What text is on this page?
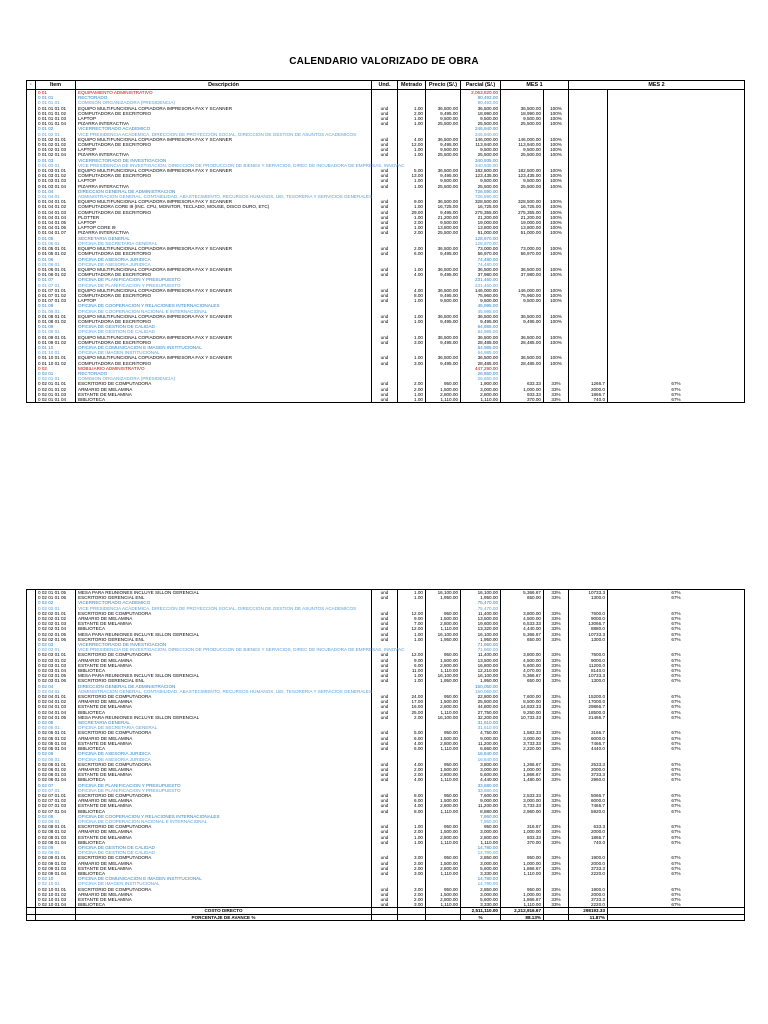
CALENDARIO VALORIZADO DE OBRA
·	Item	Descripción	Und.	Metrado	Precio (S/.)	Parcial (S/.)	MES 1		MES 2	
	0 01	EQUIPAMIENTO ADMINISTRATIVO				2,063,820.00				
	0 01 01	RECTORADO				90,493.00				
	0 01 01 01	COMISIÓN ORGANIZADORA (PRESIDENCIA)				90,493.00				
	0 01 01 01 01	EQUIPO MULTIFUNCIONAL COPIADORA IMPRESORA FAX Y SCANNER	und	1.00	36,500.00	36,500.00	36,500.00	100%		
	0 01 01 01 02	COMPUTADORA DE ESCRITORIO	und	2.00	9,495.00	18,990.00	18,990.00	100%		
	0 01 01 01 03	LAPTOP	und	1.00	9,500.00	9,500.00	9,500.00	100%		
	0 01 01 01 04	PIZARRA INTERACTIVA	und	1.00	25,500.00	25,500.00	25,500.00	100%		
	0 01 02	VICERRECTORADO ACADEMICO				246,940.00				
	0 01 02 01	VICE PRESIDENCIA ACADEMICA, DIRECCION DE PROYECCION SOCIAL, DIRECCION DE GESTION DE ASUNTOS ACADEMICOS				246,940.00				
	0 01 02 01 01	EQUIPO MULTIFUNCIONAL COPIADORA IMPRESORA FAX Y SCANNER	und	4.00	36,500.00	146,000.00	146,000.00	100%		
	0 01 02 01 02	COMPUTADORA DE ESCRITORIO	und	12.00	9,495.00	113,940.00	113,940.00	100%		
	0 01 02 01 03	LAPTOP	und	1.00	9,500.00	9,500.00	9,500.00	100%		
	0 01 02 01 04	PIZARRA INTERACTIVA	und	1.00	25,500.00	25,500.00	25,500.00	100%		
	0 01 03	VICERRECTORADO DE INVESTIGACION				340,935.00				
	0 01 03 01	VICE PRESIDENCIA DE INVESTIGACION, DIRECCION DE PRODUCCION DE BIENES Y SERVICIOS, DIREC DE INCUBADORA DE EMPRESAS, INNOVAC				340,935.00				
	0 01 03 01 01	EQUIPO MULTIFUNCIONAL COPIADORA IMPRESORA FAX Y SCANNER	und	5.00	36,500.00	182,500.00	182,500.00	100%		
	0 01 03 01 02	COMPUTADORA DE ESCRITORIO	und	13.00	9,495.00	123,435.00	123,435.00	100%		
	0 01 03 01 03	LAPTOP	und	1.00	9,500.00	9,500.00	9,500.00	100%		
	0 01 03 01 04	PIZARRA INTERACTIVA	und	1.00	25,500.00	25,500.00	25,500.00	100%		
	0 01 04	DIRECCION GENERAL DE ADMINISTRACION				726,590.00				
	0 01 04 01	ADMINISTRACION GENERAL, CONTABILIDAD, ABASTECIMIENTO, RECURSOS HUMANOS, UEI, TESORERIA Y SERVICIOS GENERALES				726,590.00				
	0 01 04 01 01	EQUIPO MULTIFUNCIONAL COPIADORA IMPRESORA FAX Y SCANNER	und	9.00	36,500.00	328,500.00	328,500.00	100%		
	0 01 04 01 02	COMPUTADORA CORE I9 (INC. CPU, MONITOR, TECLADO, MOUSE, DISCO DURO, ETC)	und	1.00	16,725.00	16,725.00	16,725.00	100%		
	0 01 04 01 03	COMPUTADORA DE ESCRITORIO	und	29.00	9,495.00	275,355.00	275,355.00	100%		
	0 01 04 01 04	PLOTTER	und	1.00	21,200.00	21,200.00	21,200.00	100%		
	0 01 04 01 05	LAPTOP	und	2.00	9,500.00	19,000.00	19,000.00	100%		
	0 01 04 01 06	LAPTOP CORE I9	und	1.00	13,800.00	13,800.00	13,800.00	100%		
	0 01 04 01 07	PIZARRA INTERACTIVA	und	2.00	25,500.00	51,000.00	51,000.00	100%		
	0 01 05	SECRETARIA GENERAL				128,970.00				
	0 01 05 01	OFICINA DE SECRETARIA GENERAL				128,970.00				
	0 01 05 01 01	EQUIPO MULTIFUNCIONAL COPIADORA IMPRESORA FAX Y SCANNER	und	2.00	36,500.00	73,000.00	73,000.00	100%		
	0 01 05 01 02	COMPUTADORA DE ESCRITORIO	und	6.00	9,495.00	56,970.00	56,970.00	100%		
	0 01 06	OFICINA DE ASESORIA JURIDICA				74,480.00				
	0 01 06 01	OFICINA DE ASESORIA JURIDICA				74,480.00				
	0 01 06 01 01	EQUIPO MULTIFUNCIONAL COPIADORA IMPRESORA FAX Y SCANNER	und	1.00	36,500.00	36,500.00	36,500.00	100%		
	0 01 06 01 02	COMPUTADORA DE ESCRITORIO	und	4.00	9,495.00	37,980.00	37,980.00	100%		
	0 01 07	OFICINA DE PLANIFICACION Y PRESUPUESTO				231,460.00				
	0 01 07 01	OFICINA DE PLANIFICACION Y PRESUPUESTO				231,460.00				
	0 01 07 01 01	EQUIPO MULTIFUNCIONAL COPIADORA IMPRESORA FAX Y SCANNER	und	4.00	36,500.00	146,000.00	146,000.00	100%		
	0 01 07 01 02	COMPUTADORA DE ESCRITORIO	und	8.00	9,495.00	75,960.00	75,960.00	100%		
	0 01 07 01 03	LAPTOP	und	1.00	9,500.00	9,500.00	9,500.00	100%		
	0 01 08	OFICINA DE COOPERACION Y RELACIONES INTERNACIONALES				45,995.00				
	0 01 08 01	OFICINA DE COOPERACION NACIONAL E INTERNACIONAL				45,995.00				
	0 01 08 01 01	EQUIPO MULTIFUNCIONAL COPIADORA IMPRESORA FAX Y SCANNER	und	1.00	36,500.00	36,500.00	36,500.00	100%		
	0 01 08 01 02	COMPUTADORA DE ESCRITORIO	und	1.00	9,495.00	9,495.00	9,495.00	100%		
	0 01 09	OFICINA DE GESTION DE CALIDAD				64,985.00				
	0 01 09 01	OFICINA DE GESTION DE CALIDAD				64,985.00				
	0 01 09 01 01	EQUIPO MULTIFUNCIONAL COPIADORA IMPRESORA FAX Y SCANNER	und	1.00	36,500.00	36,500.00	36,500.00	100%		
	0 01 09 01 02	COMPUTADORA DE ESCRITORIO	und	3.00	9,495.00	28,485.00	28,485.00	100%		
	0 01 10	OFICINA DE COMUNICACION E IMAGEN INSTITUCIONAL				64,985.00				
	0 01 10 01	OFICINA DE IMAGEN INSTITUCIONAL				64,985.00				
	0 01 10 01 01	EQUIPO MULTIFUNCIONAL COPIADORA IMPRESORA FAX Y SCANNER	und	1.00	36,500.00	36,500.00	36,500.00	100%		
	0 01 10 01 02	COMPUTADORA DE ESCRITORIO	und	3.00	9,495.00	28,485.00	28,485.00	100%		
	0 02	MOBILIARIO ADMINISTRATIVO				447,290.00				
	0 02 01	RECTORADO				26,860.00				
	0 02 01 01	COMISION ORGANIZADORA (PRESIDENCIA)				26,860.00				
	0 02 01 01 01	ESCRITORIO DE COMPUTADORA	und	2.00	950.00	1,900.00	633.33	33%	1266.7	67%
	0 02 01 01 02	ARMARIO DE MELAMINA	und	2.00	1,500.00	3,000.00	1,000.00	33%	2000.0	67%
	0 02 01 01 03	ESTANTE DE MELAMINA	und	1.00	2,800.00	2,800.00	933.33	33%	1866.7	67%
	0 02 01 01 04	BIBLIOTECA	und	1.00	1,110.00	1,110.00	370.00	33%	740.0	67%
	0 02 01 01 05	MESA PARA REUNIONES INCLUYE SILLON GERENCIAL	und	1.00	16,100.00	16,100.00	5,366.67	33%	10733.3	67%
	0 02 01 01 06	ESCRITORIO GERENCIAL ENL	und	1.00	1,950.00	1,950.00	650.00	33%	1300.0	67%
	0 02 02	VICERRECTORADO ACADEMICO				75,470.00				
	0 02 02 01	VICE PRESIDENCIA ACADEMICA, DIRECCION DE PROYECCION SOCIAL, DIRECCION DE GESTION DE ASUNTOS ACADEMICOS				75,470.00				
	0 02 02 01 01	ESCRITORIO DE COMPUTADORA	und	12.00	950.00	11,400.00	3,800.00	33%	7600.0	67%
	0 02 02 01 02	ARMARIO DE MELAMINA	und	9.00	1,500.00	13,500.00	4,500.00	33%	9000.0	67%
	0 02 02 01 03	ESTANTE DE MELAMINA	und	7.00	2,800.00	19,600.00	6,533.33	33%	13066.7	67%
	0 02 02 01 04	BIBLIOTECA	und	12.00	1,110.00	13,320.00	4,440.00	33%	8880.0	67%
	0 02 02 01 05	MESA PARA REUNIONES INCLUYE SILLON GERENCIAL	und	1.00	16,100.00	16,100.00	5,366.67	33%	10733.3	67%
	0 02 02 01 06	ESCRITORIO GERENCIAL ENL	und	1.00	1,950.00	1,950.00	650.00	33%	1300.0	67%
	0 02 03	VICERRECTORADO DE INVESTIGACION				71,960.00				
	0 02 03 01	VICE PRESIDENCIA DE INVESTIGACION, DIRECCION DE PRODUCCION DE BIENES Y SERVICIOS, DIREC DE INCUBADORA DE EMPRESAS, INNOVAC				71,960.00				
	0 02 03 01 01	ESCRITORIO DE COMPUTADORA	und	12.00	950.00	11,400.00	3,800.00	33%	7600.0	67%
	0 02 03 01 02	ARMARIO DE MELAMINA	und	9.00	1,500.00	13,500.00	4,500.00	33%	9000.0	67%
	0 02 03 01 03	ESTANTE DE MELAMINA	und	6.00	2,800.00	16,800.00	5,600.00	33%	11200.0	67%
	0 02 03 01 04	BIBLIOTECA	und	11.00	1,110.00	12,210.00	4,070.00	33%	8140.0	67%
	0 02 03 01 05	MESA PARA REUNIONES INCLUYE SILLON GERENCIAL	und	1.00	16,100.00	16,100.00	5,366.67	33%	10733.3	67%
	0 02 03 01 06	ESCRITORIO GERENCIAL ENL	und	1.00	1,950.00	1,950.00	650.00	33%	1300.0	67%
	0 02 04	DIRECCION GENERAL DE ADMINISTRACION				150,050.00				
	0 02 04 01	ADMINISTRACION GENERAL, CONTABILIDAD, ABASTECIMIENTO, RECURSOS HUMANOS, UEI, TESORERIA Y SERVICIOS GENERALES				150,050.00				
	0 02 04 01 01	ESCRITORIO DE COMPUTADORA	und	24.00	950.00	22,800.00	7,600.00	33%	15200.0	67%
	0 02 04 01 02	ARMARIO DE MELAMINA	und	17.00	1,500.00	25,500.00	8,500.00	33%	17000.0	67%
	0 02 04 01 03	ESTANTE DE MELAMINA	und	16.00	2,800.00	44,800.00	14,933.33	33%	29866.7	67%
	0 02 04 01 04	BIBLIOTECA	und	25.00	1,110.00	27,750.00	9,250.00	33%	18500.0	67%
	0 02 04 01 05	MESA PARA REUNIONES INCLUYE SILLON GERENCIAL	und	2.00	16,100.00	32,200.00	10,733.33	33%	21466.7	67%
	0 02 05	SECRETARIA GENERAL				31,610.00				
	0 02 05 01	OFICINA DE SECRETARIA GENERAL				31,610.00				
	0 02 05 01 01	ESCRITORIO DE COMPUTADORA	und	5.00	950.00	4,750.00	1,583.33	33%	3166.7	67%
	0 02 05 01 02	ARMARIO DE MELAMINA	und	6.00	1,500.00	9,000.00	3,000.00	33%	6000.0	67%
	0 02 05 01 03	ESTANTE DE MELAMINA	und	4.00	2,800.00	11,200.00	3,733.33	33%	7466.7	67%
	0 02 05 01 04	BIBLIOTECA	und	6.00	1,110.00	6,660.00	2,220.00	33%	4440.0	67%
	0 02 06	OFICINA DE ASESORIA JURIDICA				16,840.00				
	0 02 06 01	OFICINA DE ASESORIA JURIDICA				16,840.00				
	0 02 06 01 01	ESCRITORIO DE COMPUTADORA	und	4.00	950.00	3,800.00	1,266.67	33%	2533.3	67%
	0 02 06 01 02	ARMARIO DE MELAMINA	und	2.00	1,500.00	3,000.00	1,000.00	33%	2000.0	67%
	0 02 06 01 03	ESTANTE DE MELAMINA	und	2.00	2,800.00	5,600.00	1,866.67	33%	3733.3	67%
	0 02 06 01 04	BIBLIOTECA	und	4.00	1,110.00	4,440.00	1,480.00	33%	2960.0	67%
	0 02 07	OFICINA DE PLANIFICACION Y PRESUPUESTO				33,680.00				
	0 02 07 01	OFICINA DE PLANIFICACION Y PRESUPUESTO				33,680.00				
	0 02 07 01 01	ESCRITORIO DE COMPUTADORA	und	8.00	950.00	7,600.00	2,533.33	33%	5066.7	67%
	0 02 07 01 02	ARMARIO DE MELAMINA	und	6.00	1,500.00	9,000.00	3,000.00	33%	6000.0	67%
	0 02 07 01 03	ESTANTE DE MELAMINA	und	4.00	2,800.00	11,200.00	3,733.33	33%	7466.7	67%
	0 02 07 01 04	BIBLIOTECA	und	8.00	1,110.00	8,880.00	2,960.00	33%	5920.0	67%
	0 02 08	OFICINA DE COOPERACION Y RELACIONES INTERNACIONALES				7,860.00				
	0 02 08 01	OFICINA DE COOPERACION NACIONAL E INTERNACIONAL				7,860.00				
	0 02 08 01 01	ESCRITORIO DE COMPUTADORA	und	1.00	950.00	950.00	316.67	33%	633.3	67%
	0 02 08 01 02	ARMARIO DE MELAMINA	und	2.00	1,500.00	3,000.00	1,000.00	33%	2000.0	67%
	0 02 08 01 03	ESTANTE DE MELAMINA	und	1.00	2,800.00	2,800.00	933.33	33%	1866.7	67%
	0 02 08 01 04	BIBLIOTECA	und	1.00	1,110.00	1,110.00	370.00	33%	740.0	67%
	0 02 09	OFICINA DE GESTION DE CALIDAD				14,780.00				
	0 02 09 01	OFICINA DE GESTION DE CALIDAD				14,780.00				
	0 02 09 01 01	ESCRITORIO DE COMPUTADORA	und	3.00	950.00	2,850.00	950.00	33%	1900.0	67%
	0 02 09 01 02	ARMARIO DE MELAMINA	und	2.00	1,500.00	3,000.00	1,000.00	33%	2000.0	67%
	0 02 09 01 03	ESTANTE DE MELAMINA	und	2.00	2,800.00	5,600.00	1,866.67	33%	3733.3	67%
	0 02 09 01 04	BIBLIOTECA	und	3.00	1,110.00	3,330.00	1,110.00	33%	2220.0	67%
	0 02 10	OFICINA DE COMUNICACION E IMAGEN INSTITUCIONAL				14,780.00				
	0 02 10 01	OFICINA DE IMAGEN INSTITUCIONAL				14,780.00				
	0 02 10 01 01	ESCRITORIO DE COMPUTADORA	und	3.00	950.00	2,850.00	950.00	33%	1900.0	67%
	0 02 10 01 02	ARMARIO DE MELAMINA	und	2.00	1,500.00	3,000.00	1,000.00	33%	2000.0	67%
	0 02 10 01 03	ESTANTE DE MELAMINA	und	2.00	2,800.00	5,600.00	1,866.67	33%	3733.3	67%
	0 02 10 01 04	BIBLIOTECA	und	3.00	1,110.00	3,330.00	1,110.00	33%	2220.0	67%
		COSTO DIRECTO				2,511,110.00	2,212,916.67		298193.33	
		PORCENTAJE DE AVANCE %				%	88.13%		11.87%	
